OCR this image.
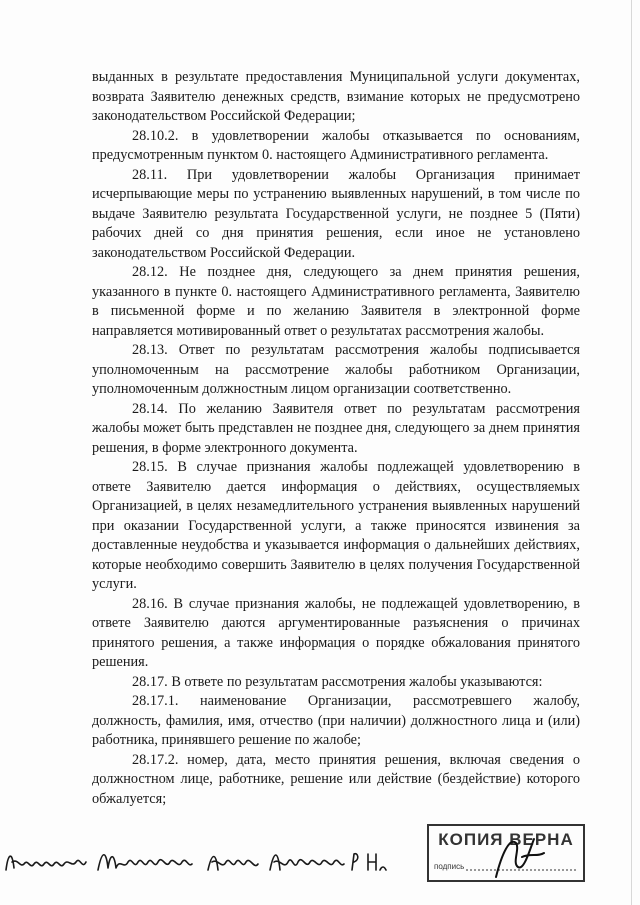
выданных в результате предоставления Муниципальной услуги документах, возврата Заявителю денежных средств, взимание которых не предусмотрено законодательством Российской Федерации;

28.10.2. в удовлетворении жалобы отказывается по основаниям, предусмотренным пунктом 0. настоящего Административного регламента.

28.11. При удовлетворении жалобы Организация принимает исчерпывающие меры по устранению выявленных нарушений, в том числе по выдаче Заявителю результата Государственной услуги, не позднее 5 (Пяти) рабочих дней со дня принятия решения, если иное не установлено законодательством Российской Федерации.

28.12. Не позднее дня, следующего за днем принятия решения, указанного в пункте 0. настоящего Административного регламента, Заявителю в письменной форме и по желанию Заявителя в электронной форме направляется мотивированный ответ о результатах рассмотрения жалобы.

28.13. Ответ по результатам рассмотрения жалобы подписывается уполномоченным на рассмотрение жалобы работником Организации, уполномоченным должностным лицом организации соответственно.

28.14. По желанию Заявителя ответ по результатам рассмотрения жалобы может быть представлен не позднее дня, следующего за днем принятия решения, в форме электронного документа.

28.15. В случае признания жалобы подлежащей удовлетворению в ответе Заявителю дается информация о действиях, осуществляемых Организацией, в целях незамедлительного устранения выявленных нарушений при оказании Государственной услуги, а также приносятся извинения за доставленные неудобства и указывается информация о дальнейших действиях, которые необходимо совершить Заявителю в целях получения Государственной услуги.

28.16. В случае признания жалобы, не подлежащей удовлетворению, в ответе Заявителю даются аргументированные разъяснения о причинах принятого решения, а также информация о порядке обжалования принятого решения.

28.17. В ответе по результатам рассмотрения жалобы указываются:

28.17.1. наименование Организации, рассмотревшего жалобу, должность, фамилия, имя, отчество (при наличии) должностного лица и (или) работника, принявшего решение по жалобе;

28.17.2. номер, дата, место принятия решения, включая сведения о должностном лице, работнике, решение или действие (бездействие) которого обжалуется;

КОПИЯ ВЕРНА
подпись
